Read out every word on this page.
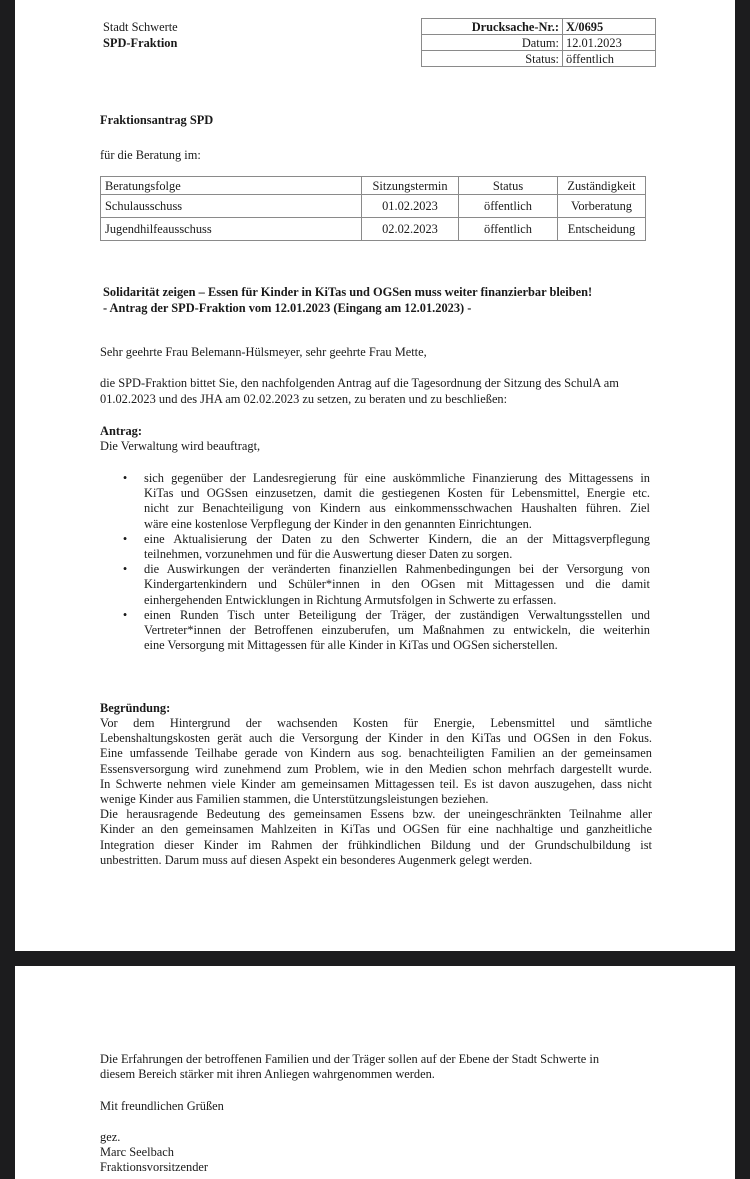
Stadt Schwerte
SPD-Fraktion
Drucksache-Nr.:	X/0695
Datum:	12.01.2023
Status:	öffentlich
Fraktionsantrag SPD
für die Beratung im:
Beratungsfolge	Sitzungstermin	Status	Zuständigkeit
Schulausschuss	01.02.2023	öffentlich	Vorberatung
Jugendhilfeausschuss	02.02.2023	öffentlich	Entscheidung
Solidarität zeigen – Essen für Kinder in KiTas und OGSen muss weiter finanzierbar bleiben!
- Antrag der SPD-Fraktion vom 12.01.2023 (Eingang am 12.01.2023) -
Sehr geehrte Frau Belemann-Hülsmeyer, sehr geehrte Frau Mette,
die SPD-Fraktion bittet Sie, den nachfolgenden Antrag auf die Tagesordnung der Sitzung des SchulA am
01.02.2023 und des JHA am 02.02.2023 zu setzen, zu beraten und zu beschließen:
Antrag:
Die Verwaltung wird beauftragt,
• sich gegenüber der Landesregierung für eine auskömmliche Finanzierung des Mittagessens in
KiTas und OGSsen einzusetzen, damit die gestiegenen Kosten für Lebensmittel, Energie etc.
nicht zur Benachteiligung von Kindern aus einkommensschwachen Haushalten führen. Ziel
wäre eine kostenlose Verpflegung der Kinder in den genannten Einrichtungen.
• eine Aktualisierung der Daten zu den Schwerter Kindern, die an der Mittagsverpflegung
teilnehmen, vorzunehmen und für die Auswertung dieser Daten zu sorgen.
• die Auswirkungen der veränderten finanziellen Rahmenbedingungen bei der Versorgung von
Kindergartenkindern und Schüler*innen in den OGsen mit Mittagessen und die damit
einhergehenden Entwicklungen in Richtung Armutsfolgen in Schwerte zu erfassen.
• einen Runden Tisch unter Beteiligung der Träger, der zuständigen Verwaltungsstellen und
Vertreter*innen der Betroffenen einzuberufen, um Maßnahmen zu entwickeln, die weiterhin
eine Versorgung mit Mittagessen für alle Kinder in KiTas und OGSen sicherstellen.
Begründung:
Vor dem Hintergrund der wachsenden Kosten für Energie, Lebensmittel und sämtliche
Lebenshaltungskosten gerät auch die Versorgung der Kinder in den KiTas und OGSen in den Fokus.
Eine umfassende Teilhabe gerade von Kindern aus sog. benachteiligten Familien an der gemeinsamen
Essensversorgung wird zunehmend zum Problem, wie in den Medien schon mehrfach dargestellt wurde.
In Schwerte nehmen viele Kinder am gemeinsamen Mittagessen teil. Es ist davon auszugehen, dass nicht
wenige Kinder aus Familien stammen, die Unterstützungsleistungen beziehen.
Die herausragende Bedeutung des gemeinsamen Essens bzw. der uneingeschränkten Teilnahme aller
Kinder an den gemeinsamen Mahlzeiten in KiTas und OGSen für eine nachhaltige und ganzheitliche
Integration dieser Kinder im Rahmen der frühkindlichen Bildung und der Grundschulbildung ist
unbestritten. Darum muss auf diesen Aspekt ein besonderes Augenmerk gelegt werden.
Die Erfahrungen der betroffenen Familien und der Träger sollen auf der Ebene der Stadt Schwerte in
diesem Bereich stärker mit ihren Anliegen wahrgenommen werden.
Mit freundlichen Grüßen
gez.
Marc Seelbach
Fraktionsvorsitzender
